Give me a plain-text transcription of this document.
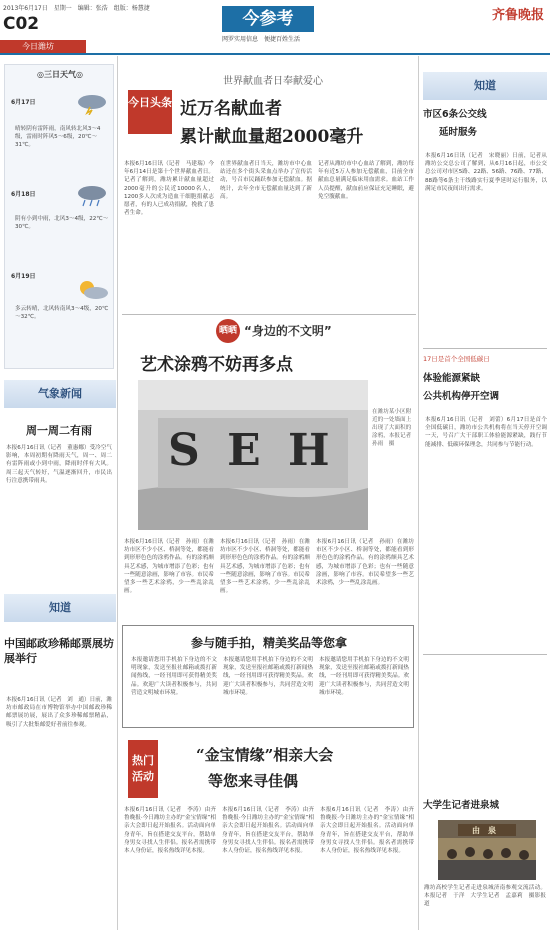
2013年6月17日　星期一　编辑：张浩　组版：杨慧捷
C02
今日潍坊
今参考
网罗实用信息　便捷百姓生活
齐鲁晚报
◎三日天气◎
6月17日
晴转阴有雷阵雨，南风转北风3～4级，雷雨时阵风5～6级，20℃～31℃。
6月18日
阴有小到中雨，北风3～4级，22℃～30℃。
6月19日
多云转晴，北风转南风3～4级，20℃～32℃。
气象新闻
周一周二有雨
本报6月16日讯（记者　董惠娜）受冷空气影响，本周初期有降雨天气，周一、周二有雷阵雨或小到中雨，降雨时伴有大风。周三起天气转好，气温逐渐回升，市民出行注意携带雨具。
知道
中国邮政珍稀邮票展坊展举行
本报6月16日讯（记者　刘　通）日前，潍坊市邮政局在市博物馆举办中国邮政珍稀邮票展坊展，展出了众多珍稀邮票精品，吸引了大批集邮爱好者前往参观。
世界献血者日奉献爱心
今日头条 近万名献血者
累计献血量超2000毫升
本报6月16日讯（记者　马建瑞）今年6月14日是第十个世界献血者日。记者了解到，潍坊累计献血量超过2000毫升的公民近10000名人，1200多人次成为造血干细胞捐献志愿者，有的人已成功捐献，挽救了患者生命。
在世界献血者日当天，潍坊市中心血站还在多个街头采血点举办了宣传活动，号召市民踊跃参加无偿献血。据统计，去年全市无偿献血量达到了新高。
记者从潍坊市中心血站了解到，潍坊每年有近5万人参加无偿献血，目前全市献血总量满足临床用血需求。血站工作人员提醒，献血前应保证充足睡眠，避免空腹献血。
晒晒 “身边的不文明”
艺术涂鸦不妨再多点
S E H
在潍坊某小区附近的一处墙面上出现了大面积的涂鸦，本报记者　孙雨　摄
本报6月16日讯（记者　孙雨）在潍坊市区不少小区、桥洞等处，都能看到形形色色的涂鸦作品。有的涂鸦颇具艺术感，为城市增添了色彩；也有一些随意涂画，影响了市容。市民希望多一些艺术涂鸦，少一些乱涂乱画。
本报6月16日讯（记者　孙雨）在潍坊市区不少小区、桥洞等处，都能看到形形色色的涂鸦作品。有的涂鸦颇具艺术感，为城市增添了色彩；也有一些随意涂画，影响了市容。市民希望多一些艺术涂鸦，少一些乱涂乱画。
本报6月16日讯（记者　孙雨）在潍坊市区不少小区、桥洞等处，都能看到形形色色的涂鸦作品。有的涂鸦颇具艺术感，为城市增添了色彩；也有一些随意涂画，影响了市容。市民希望多一些艺术涂鸦，少一些乱涂乱画。
参与随手拍，精美奖品等您拿
本报邀请您用手机拍下身边的不文明现象，发送至报社邮箱或拨打新闻热线，一经刊用即可获得精美奖品。欢迎广大读者积极参与，共同营造文明城市环境。
本报邀请您用手机拍下身边的不文明现象，发送至报社邮箱或拨打新闻热线，一经刊用即可获得精美奖品。欢迎广大读者积极参与，共同营造文明城市环境。
本报邀请您用手机拍下身边的不文明现象，发送至报社邮箱或拨打新闻热线，一经刊用即可获得精美奖品。欢迎广大读者积极参与，共同营造文明城市环境。
热门活动
“金宝情缘”相亲大会
等您来寻佳偶
本报6月16日讯（记者　李涛）由齐鲁晚报·今日潍坊主办的“金宝情缘”相亲大会即日起开始报名。活动面向单身青年，旨在搭建交友平台，帮助单身男女寻找人生伴侣。报名者需携带本人身份证，报名热线详见本报。
本报6月16日讯（记者　李涛）由齐鲁晚报·今日潍坊主办的“金宝情缘”相亲大会即日起开始报名。活动面向单身青年，旨在搭建交友平台，帮助单身男女寻找人生伴侣。报名者需携带本人身份证，报名热线详见本报。
本报6月16日讯（记者　李涛）由齐鲁晚报·今日潍坊主办的“金宝情缘”相亲大会即日起开始报名。活动面向单身青年，旨在搭建交友平台，帮助单身男女寻找人生伴侣。报名者需携带本人身份证，报名热线详见本报。
知道
市区6条公交线
延时服务
本报6月16日讯（记者　宋晓丽）日前，记者从潍坊公交总公司了解到，从6月16日起，市公交总公司对市区5路、22路、56路、76路、77路、88路等6条主干线路实行夏季延时运行服务，以满足市民夜间出行需求。
17日是首个全国低碳日
体验能源紧缺
公共机构停开空调
本报6月16日讯（记者　刘蕾）6月17日是首个全国低碳日，潍坊市公共机构将在当天停开空调一天，号召广大干部职工体验能源紧缺，践行节能减排、低碳环保理念，共同参与节能行动。
大学生记者进泉城
由　泉
潍坊高校学生记者走进泉城济南参观交流活动。本报记者　于洋　大学生记者　孟嘉莉　摄影报道
